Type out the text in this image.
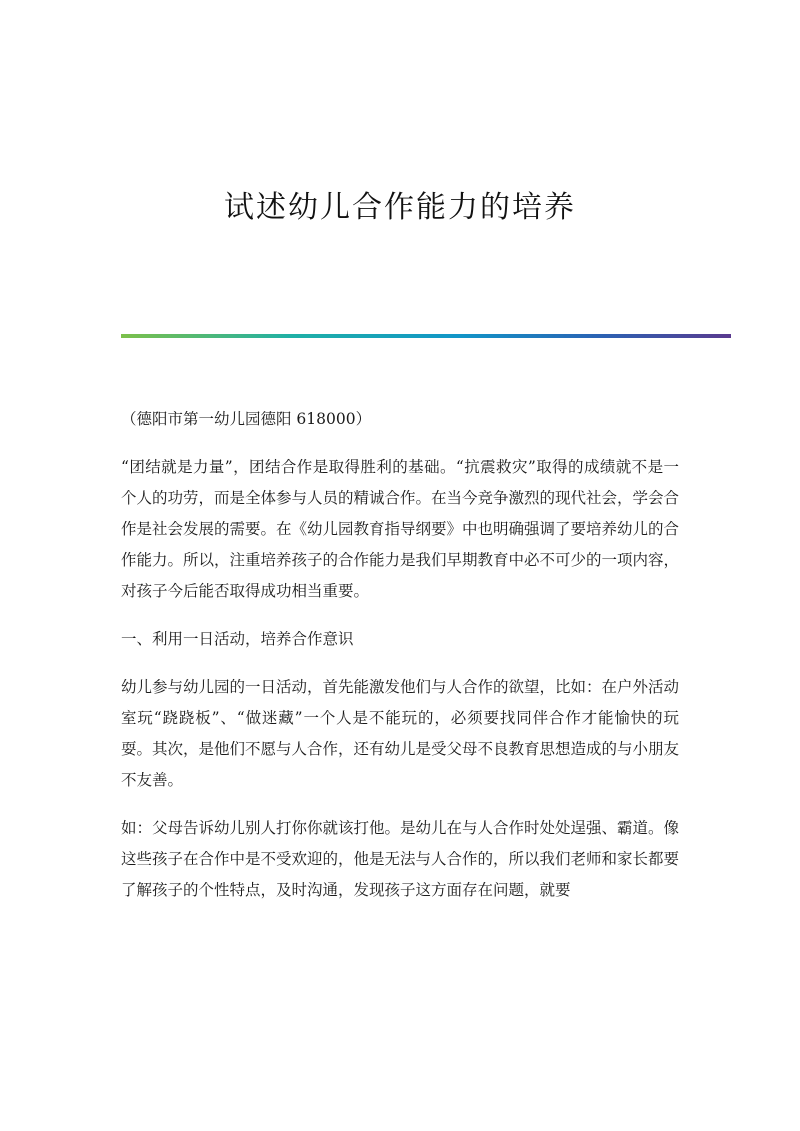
试述幼儿合作能力的培养

（德阳市第一幼儿园德阳 618000）

“团结就是力量”，团结合作是取得胜利的基础。“抗震救灾”取得的成绩就不是一个人的功劳，而是全体参与人员的精诚合作。在当今竞争激烈的现代社会，学会合作是社会发展的需要。在《幼儿园教育指导纲要》中也明确强调了要培养幼儿的合作能力。所以，注重培养孩子的合作能力是我们早期教育中必不可少的一项内容，对孩子今后能否取得成功相当重要。

一、利用一日活动，培养合作意识

幼儿参与幼儿园的一日活动，首先能激发他们与人合作的欲望，比如：在户外活动室玩“跷跷板”、“做迷藏”一个人是不能玩的，必须要找同伴合作才能愉快的玩耍。其次，是他们不愿与人合作，还有幼儿是受父母不良教育思想造成的与小朋友不友善。

如：父母告诉幼儿别人打你你就该打他。是幼儿在与人合作时处处逞强、霸道。像这些孩子在合作中是不受欢迎的，他是无法与人合作的，所以我们老师和家长都要了解孩子的个性特点，及时沟通，发现孩子这方面存在问题，就要
